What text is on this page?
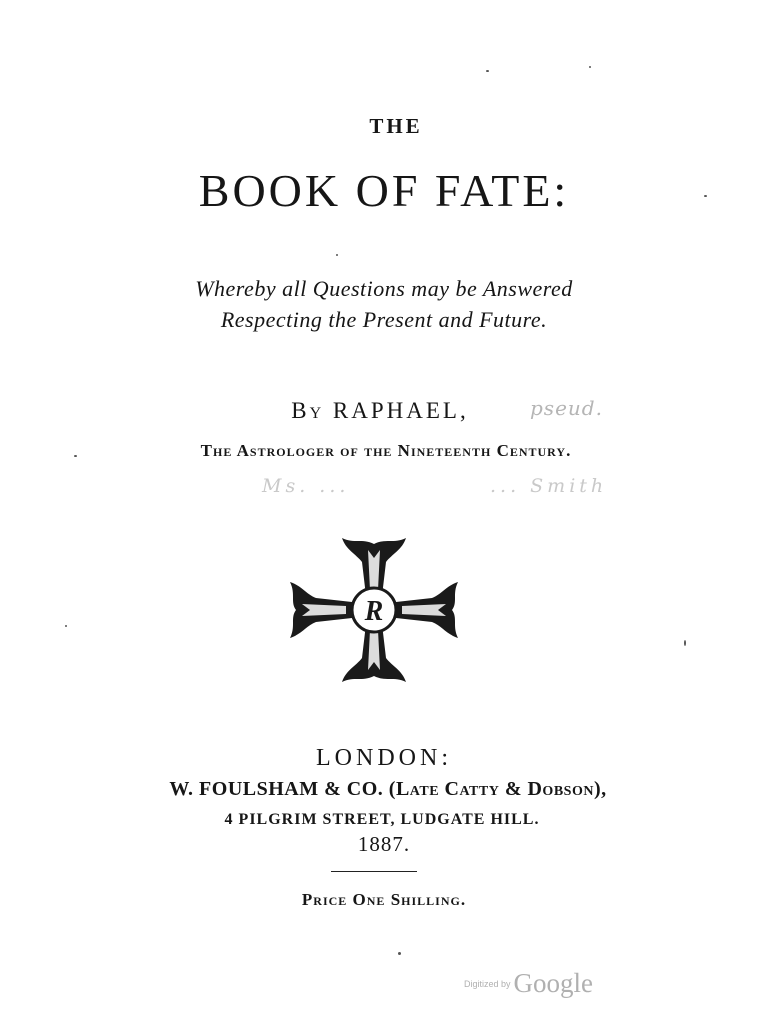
THE
BOOK OF FATE:
Whereby all Questions may be Answered
Respecting the Present and Future.
By RAPHAEL,	pseud.
The Astrologer of the Nineteenth Century.
Ms. ...	... Smith
R
LONDON:
W. FOULSHAM & CO. (Late Catty & Dobson),
4 PILGRIM STREET, LUDGATE HILL.
1887.
Price One Shilling.
Digitized by Google
